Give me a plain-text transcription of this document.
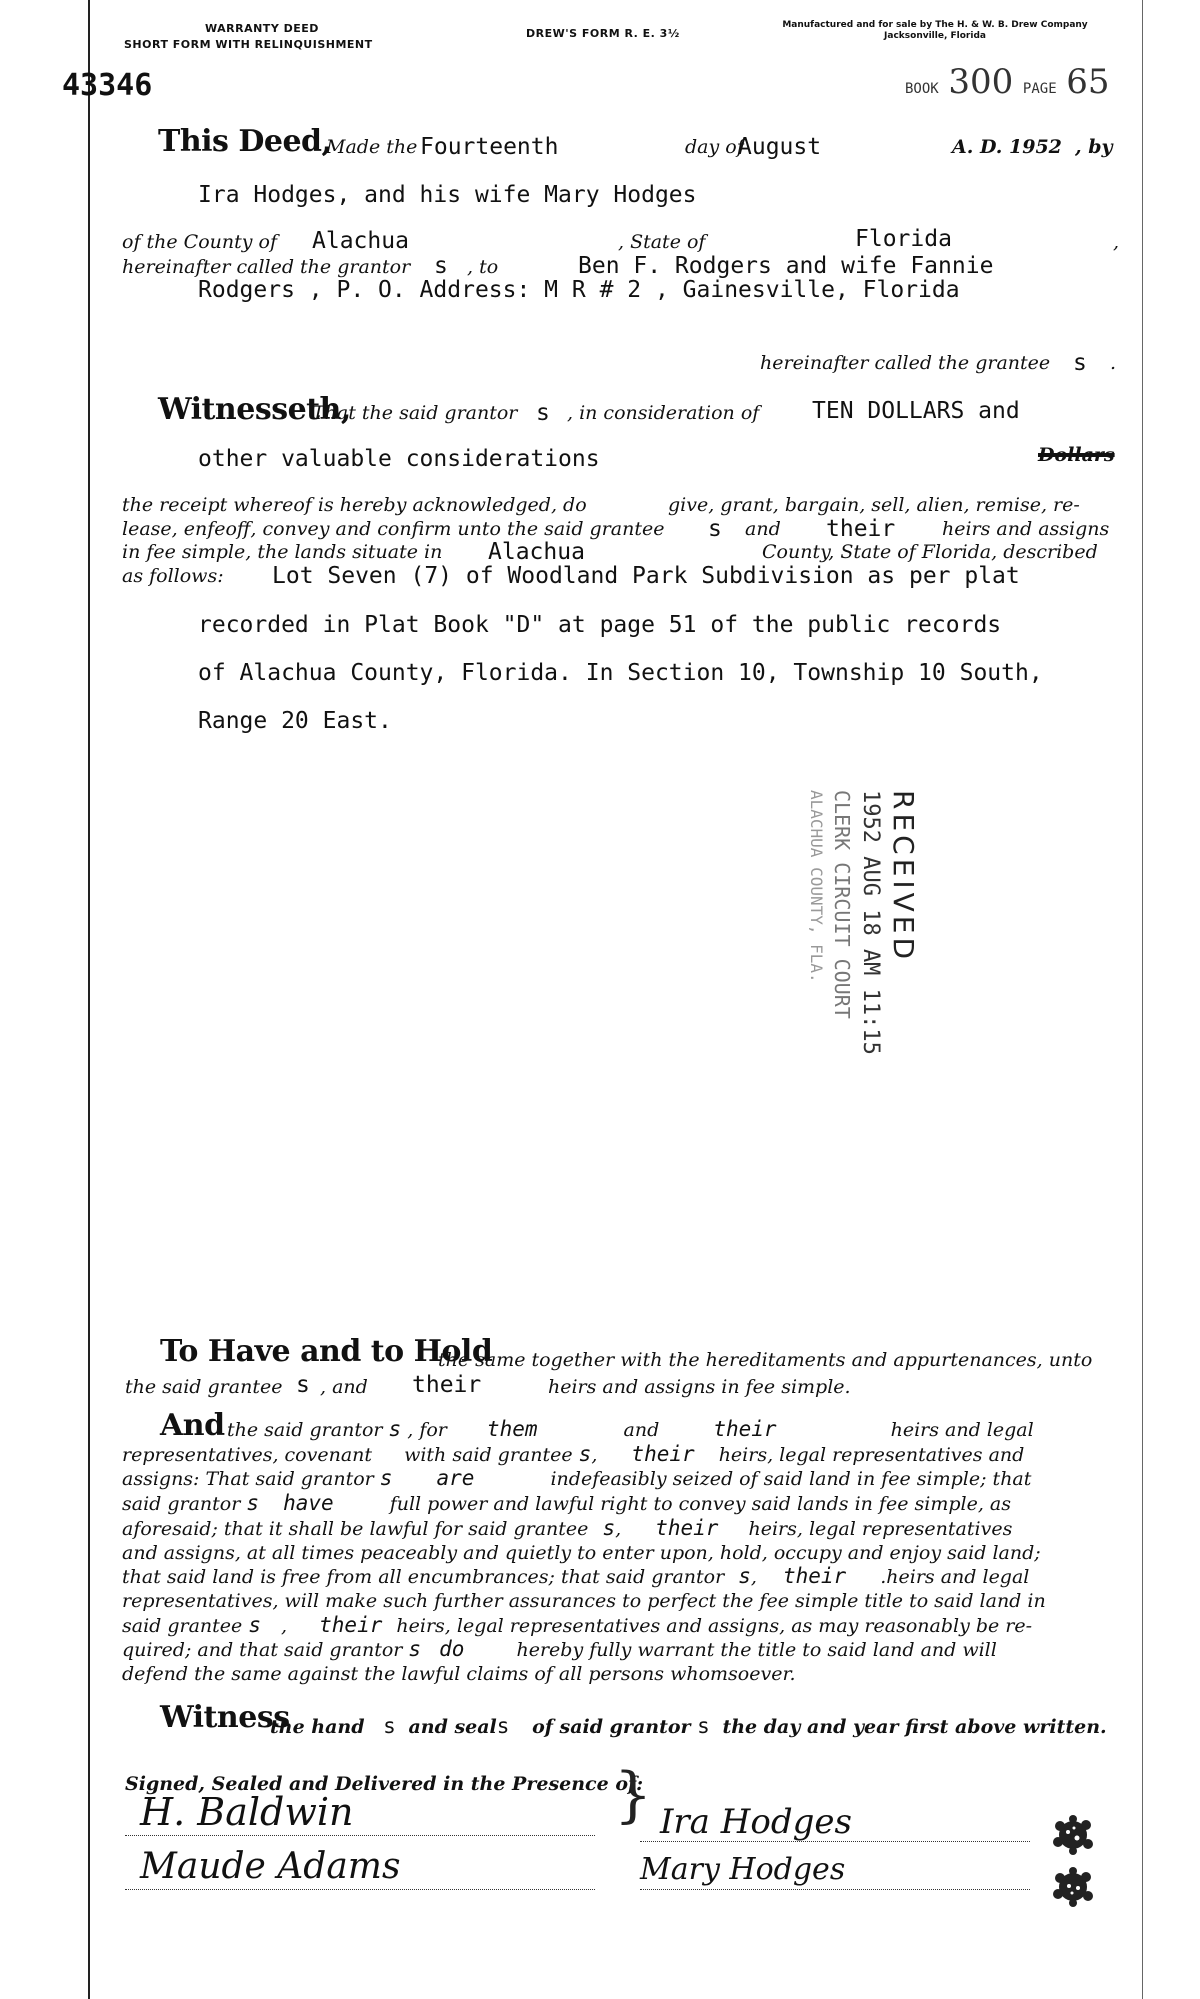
WARRANTY DEED
SHORT FORM WITH RELINQUISHMENT
DREW'S FORM R. E. 3½
Manufactured and for sale by The H. & W. B. Drew Company
Jacksonville, Florida
43346	BOOK 300 PAGE 65
This Deed,
Made the Fourteenth	day of
August	A. D. 1952 , by
Ira Hodges, and his wife Mary Hodges
of the County of Alachua	, State of	Florida	,
hereinafter called the grantor s , to	Ben F. Rodgers and wife Fannie
Rodgers , P. O. Address: M R # 2 , Gainesville, Florida
hereinafter called the grantee s .
Witnesseth,
That the said grantor s , in consideration of TEN DOLLARS and
other valuable considerations	Dollars
the receipt whereof is hereby acknowledged, do	give, grant, bargain, sell, alien, remise, re-
lease, enfeoff, convey and confirm unto the said grantee s and their heirs and assigns
in fee simple, the lands situate in Alachua	County, State of Florida, described
as follows: Lot Seven (7) of Woodland Park Subdivision as per plat
recorded in Plat Book "D" at page 51 of the public records
of Alachua County, Florida. In Section 10, Township 10 South,
Range 20 East.
RECEIVED
1952 AUG 18 AM 11:15
CLERK CIRCUIT COURT
ALACHUA COUNTY, FLA.
To Have and to Hold
the same together with the hereditaments and appurtenances, unto
the said grantee s , and their	heirs and assigns in fee simple.
And the said grantor s , for them	and	their	heirs and legal
representatives, covenant with said grantee s, their heirs, legal representatives and
assigns: That said grantor s are	indefeasibly seized of said land in fee simple; that
said grantor s have	full power and lawful right to convey said lands in fee simple, as
aforesaid; that it shall be lawful for said grantee s, their heirs, legal representatives
and assigns, at all times peaceably and quietly to enter upon, hold, occupy and enjoy said land;
that said land is free from all encumbrances; that said grantor s, their .heirs and legal
representatives, will make such further assurances to perfect the fee simple title to said land in
said grantee s , their heirs, legal representatives and assigns, as may reasonably be re-
quired; and that said grantor s do	hereby fully warrant the title to said land and will
defend the same against the lawful claims of all persons whomsoever.
Witness
the hand s and seals of said grantor s the day and year first above written.
Signed, Sealed and Delivered in the Presence of:
}
H. Baldwin
Maude Adams
Ira Hodges
Mary Hodges
